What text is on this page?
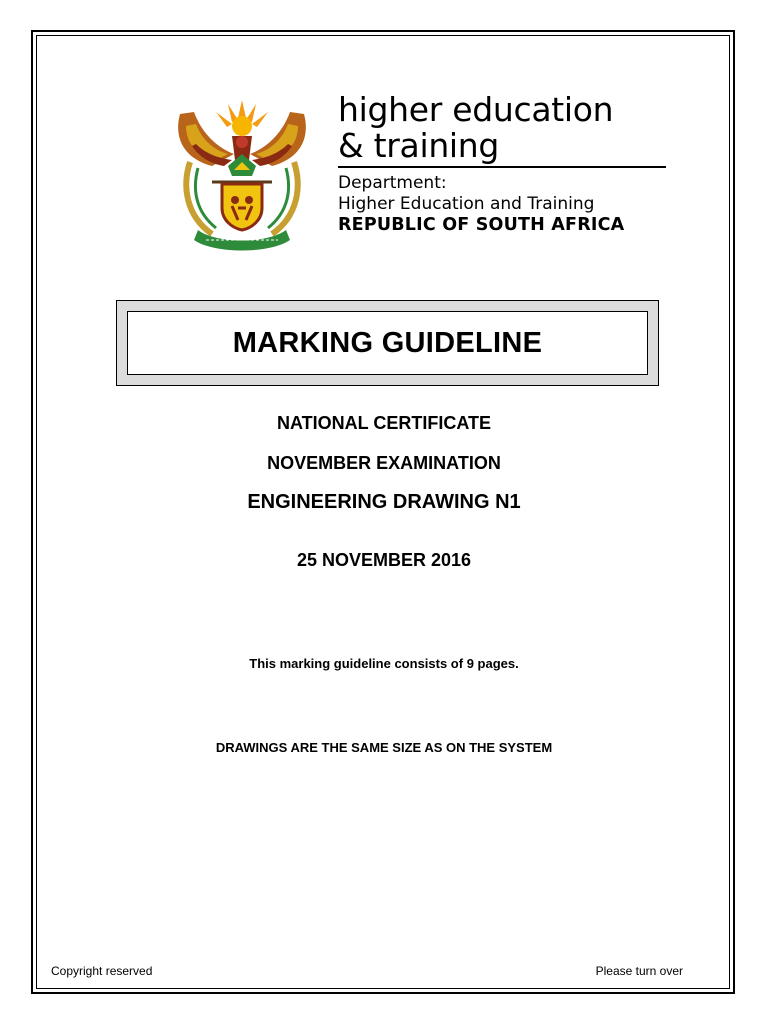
higher education
& training
Department:
Higher Education and Training
REPUBLIC OF SOUTH AFRICA
MARKING GUIDELINE
NATIONAL CERTIFICATE
NOVEMBER EXAMINATION
ENGINEERING DRAWING N1
25 NOVEMBER 2016
This marking guideline consists of 9 pages.
DRAWINGS ARE THE SAME SIZE AS ON THE SYSTEM
Copyright reserved	Please turn over
